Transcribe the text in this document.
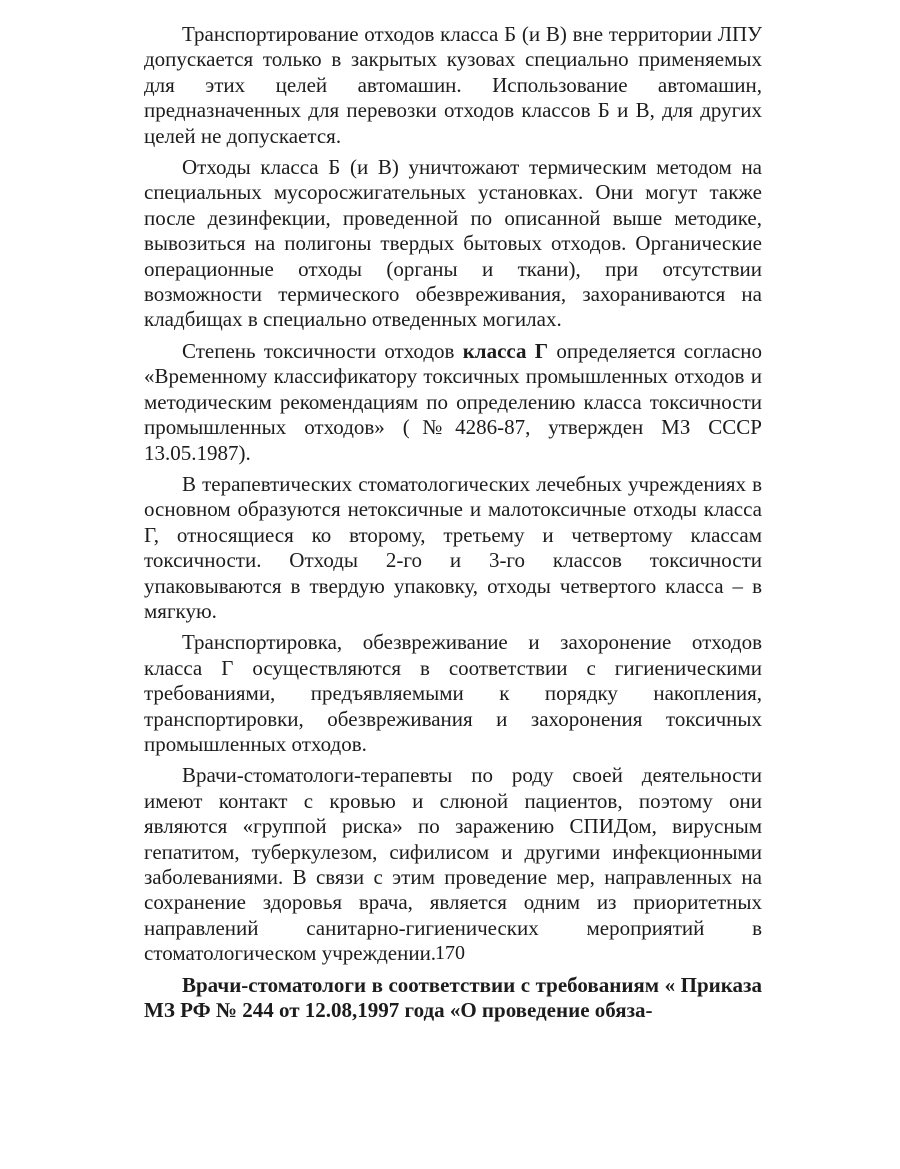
Транспортирование отходов класса Б (и В) вне территории ЛПУ допускается только в закрытых кузовах специально применяемых для этих целей автомашин. Использование автомашин, предназначенных для перевозки отходов классов Б и В, для других целей не допускается.

Отходы класса Б (и В) уничтожают термическим методом на специальных мусоросжигательных установках. Они могут также после дезинфекции, проведенной по описанной выше методике, вывозиться на полигоны твердых бытовых отходов. Органические операционные отходы (органы и ткани), при отсутствии возможности термического обезвреживания, захораниваются на кладбищах в специально отведенных могилах.

Степень токсичности отходов класса Г определяется согласно «Временному классификатору токсичных промышленных отходов и методическим рекомендациям по определению класса токсичности промышленных отходов» (№4286-87, утвержден МЗ СССР 13.05.1987).

В терапевтических стоматологических лечебных учреждениях в основном образуются нетоксичные и малотоксичные отходы класса Г, относящиеся ко второму, третьему и четвертому классам токсичности. Отходы 2-го и 3-го классов токсичности упаковываются в твердую упаковку, отходы четвертого класса – в мягкую.

Транспортировка, обезвреживание и захоронение отходов класса Г осуществляются в соответствии с гигиеническими требованиями, предъявляемыми к порядку накопления, транспортировки, обезвреживания и захоронения токсичных промышленных отходов.

Врачи-стоматологи-терапевты по роду своей деятельности имеют контакт с кровью и слюной пациентов, поэтому они являются «группой риска» по заражению СПИДом, вирусным гепатитом, туберкулезом, сифилисом и другими инфекционными заболеваниями. В связи с этим проведение мер, направленных на сохранение здоровья врача, является одним из приоритетных направлений санитарно-гигиенических мероприятий в стоматологическом учреждении.

Врачи-стоматологи в соответствии с требованиям « Приказа МЗ РФ № 244 от 12.08,1997 года «О проведение обяза-

170
